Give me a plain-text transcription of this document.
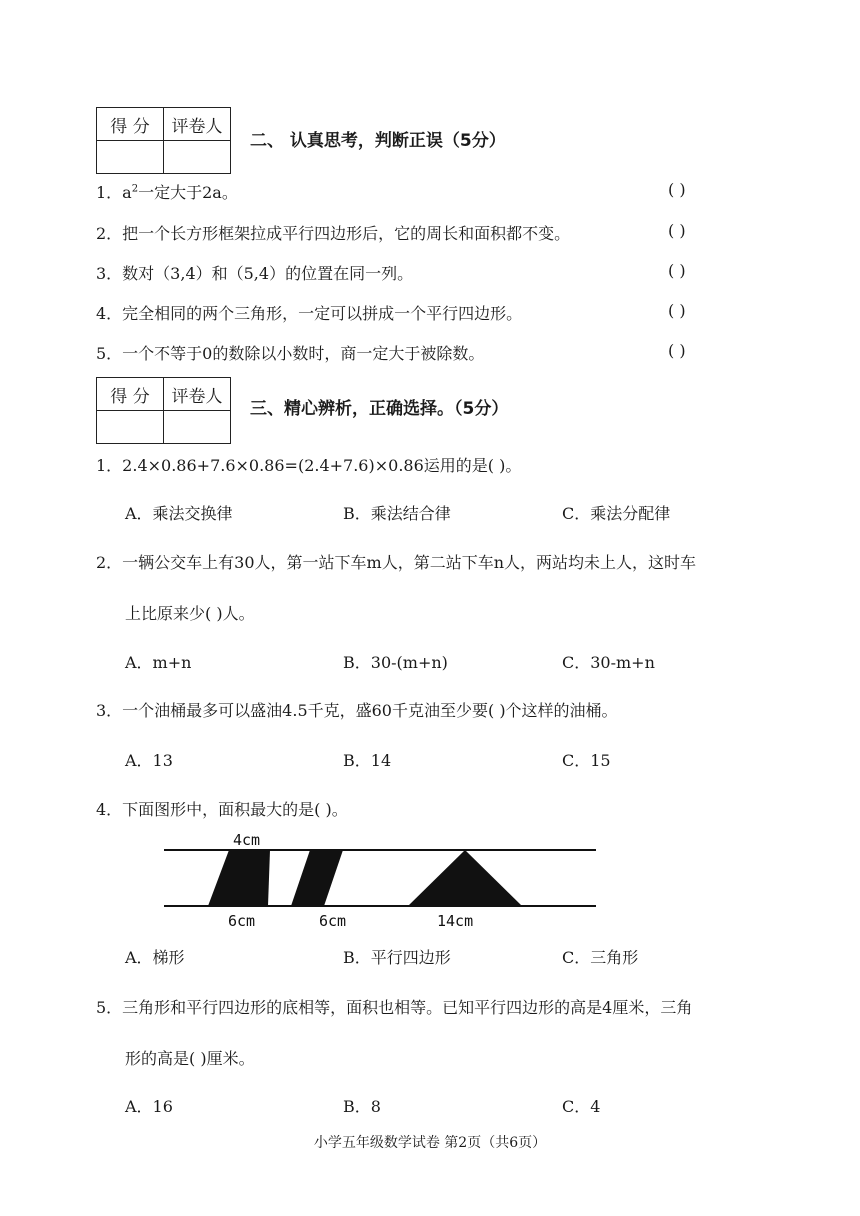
得 分	评卷人

二、 认真思考，判断正误（5分）
1．$a^2$一定大于2a。	( )
2．把一个长方形框架拉成平行四边形后，它的周长和面积都不变。	( )
3．数对（3,4）和（5,4）的位置在同一列。	( )
4．完全相同的两个三角形，一定可以拼成一个平行四边形。	( )
5．一个不等于0的数除以小数时，商一定大于被除数。	( )
得 分	评卷人

三、精心辨析，正确选择。（5分）
1．2.4×0.86+7.6×0.86=(2.4+7.6)×0.86运用的是( )。
A．乘法交换律	B．乘法结合律	C．乘法分配律
2．一辆公交车上有30人，第一站下车m人，第二站下车n人，两站均未上人，这时车
上比原来少( )人。
A．m+n	B．30-(m+n)	C．30-m+n
3．一个油桶最多可以盛油4.5千克，盛60千克油至少要( )个这样的油桶。
A．13	B．14	C．15
4．下面图形中，面积最大的是( )。
4cm
6cm	6cm	14cm
A．梯形	B．平行四边形	C．三角形
5．三角形和平行四边形的底相等，面积也相等。已知平行四边形的高是4厘米，三角
形的高是( )厘米。
A．16	B．8	C．4
小学五年级数学试卷 第2页（共6页）
